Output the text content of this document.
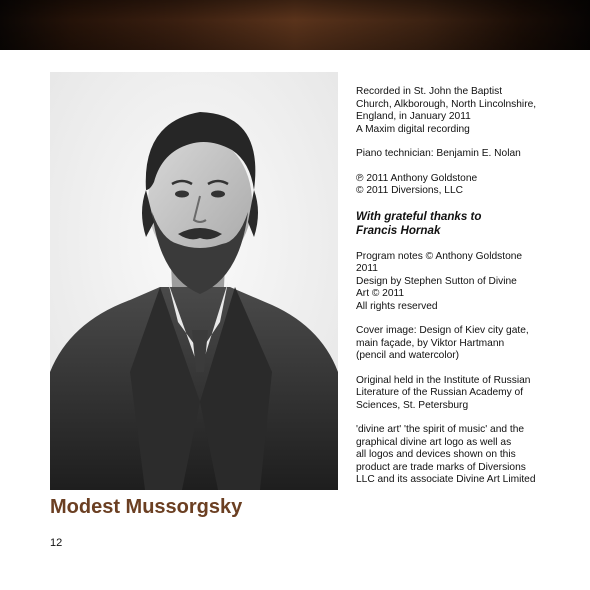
Modest Mussorgsky
12

Recorded in St. John the Baptist
Church, Alkborough, North Lincolnshire,
England, in January 2011
A Maxim digital recording

Piano technician: Benjamin E. Nolan

℗ 2011 Anthony Goldstone
© 2011 Diversions, LLC

With grateful thanks to
Francis Hornak

Program notes © Anthony Goldstone
2011
Design by Stephen Sutton of Divine
Art © 2011
All rights reserved

Cover image: Design of Kiev city gate,
main façade, by Viktor Hartmann
(pencil and watercolor)

Original held in the Institute of Russian
Literature of the Russian Academy of
Sciences, St. Petersburg

'divine art' 'the spirit of music' and the
graphical divine art logo as well as
all logos and devices shown on this
product are trade marks of Diversions
LLC and its associate Divine Art Limited
